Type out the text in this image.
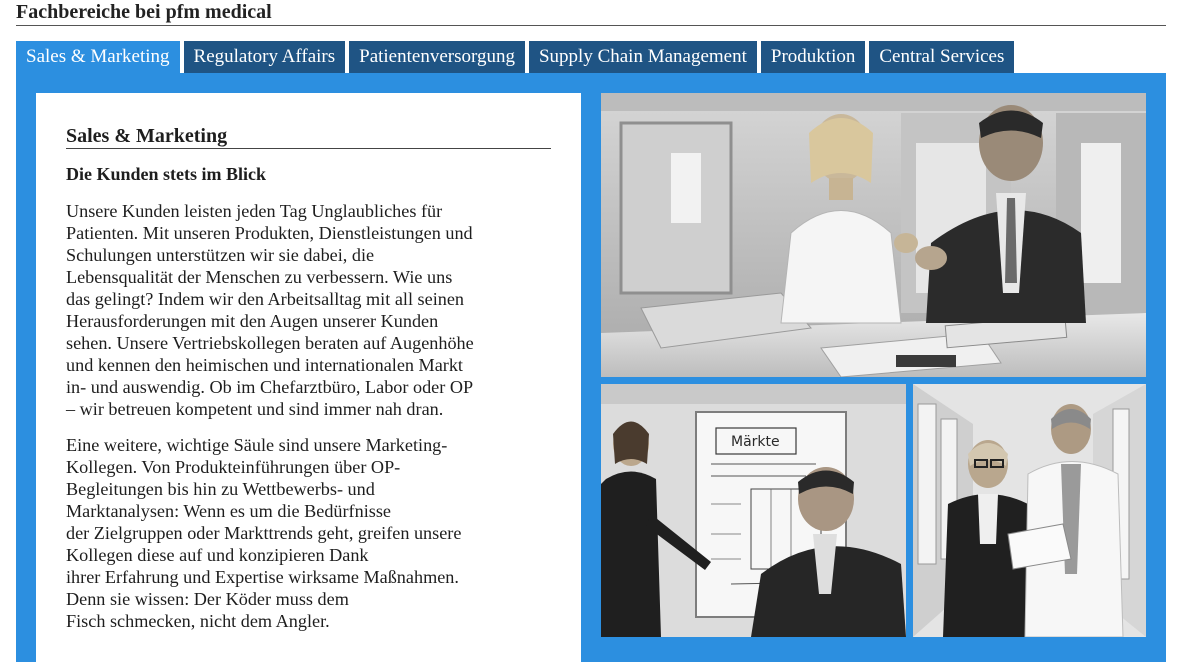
Fachbereiche bei pfm medical
Sales & Marketing	Regulatory Affairs	Patientenversorgung	Supply Chain Management	Produktion	Central Services
Sales & Marketing
Die Kunden stets im Blick
Unsere Kunden leisten jeden Tag Unglaubliches für
Patienten. Mit unseren Produkten, Dienstleistungen und
Schulungen unterstützen wir sie dabei, die
Lebensqualität der Menschen zu verbessern. Wie uns
das gelingt? Indem wir den Arbeitsalltag mit all seinen
Herausforderungen mit den Augen unserer Kunden
sehen. Unsere Vertriebskollegen beraten auf Augenhöhe
und kennen den heimischen und internationalen Markt
in- und auswendig. Ob im Chefarztbüro, Labor oder OP
– wir betreuen kompetent und sind immer nah dran.
Eine weitere, wichtige Säule sind unsere Marketing-
Kollegen. Von Produkteinführungen über OP-
Begleitungen bis hin zu Wettbewerbs- und
Marktanalysen: Wenn es um die Bedürfnisse
der Zielgruppen oder Markttrends geht, greifen unsere
Kollegen diese auf und konzipieren Dank
ihrer Erfahrung und Expertise wirksame Maßnahmen.
Denn sie wissen: Der Köder muss dem
Fisch schmecken, nicht dem Angler.
Märkte
